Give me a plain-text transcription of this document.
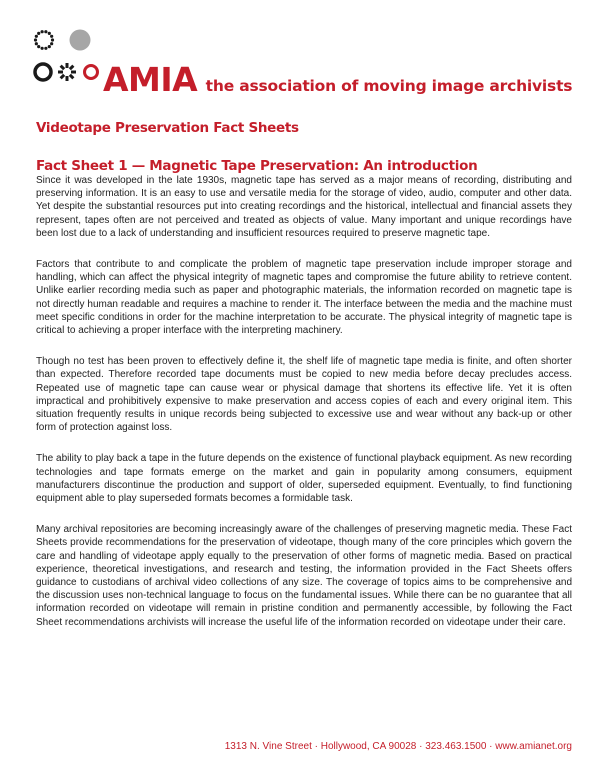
AMIA the association of moving image archivists
Videotape Preservation Fact Sheets
Fact Sheet 1 — Magnetic Tape Preservation: An introduction

Since it was developed in the late 1930s, magnetic tape has served as a major means of recording, distributing and preserving information. It is an easy to use and versatile media for the storage of video, audio, computer and other data. Yet despite the substantial resources put into creating recordings and the historical, intellectual and financial assets they represent, tapes often are not perceived and treated as objects of value. Many important and unique recordings have been lost due to a lack of understanding and insufficient resources required to preserve magnetic tape.

Factors that contribute to and complicate the problem of magnetic tape preservation include improper storage and handling, which can affect the physical integrity of magnetic tapes and compromise the future ability to retrieve content. Unlike earlier recording media such as paper and photographic materials, the information recorded on magnetic tape is not directly human readable and requires a machine to render it. The interface between the media and the machine must meet specific conditions in order for the machine interpretation to be accurate. The physical integrity of magnetic tape is critical to achieving a proper interface with the interpreting machinery.

Though no test has been proven to effectively define it, the shelf life of magnetic tape media is finite, and often shorter than expected. Therefore recorded tape documents must be copied to new media before decay precludes access. Repeated use of magnetic tape can cause wear or physical damage that shortens its effective life. Yet it is often impractical and prohibitively expensive to make preservation and access copies of each and every original item. This situation frequently results in unique records being subjected to excessive use and wear without any back-up or other form of protection against loss.

The ability to play back a tape in the future depends on the existence of functional playback equipment. As new recording technologies and tape formats emerge on the market and gain in popularity among consumers, equipment manufacturers discontinue the production and support of older, superseded equipment. Eventually, to find functioning equipment able to play superseded formats becomes a formidable task.

Many archival repositories are becoming increasingly aware of the challenges of preserving magnetic media. These Fact Sheets provide recommendations for the preservation of videotape, though many of the core principles which govern the care and handling of videotape apply equally to the preservation of other forms of magnetic media. Based on practical experience, theoretical investigations, and research and testing, the information provided in the Fact Sheets offers guidance to custodians of archival video collections of any size. The coverage of topics aims to be comprehensive and the discussion uses non-technical language to focus on the fundamental issues. While there can be no guarantee that all information recorded on videotape will remain in pristine condition and permanently accessible, by following the Fact Sheet recommendations archivists will increase the useful life of the information recorded on videotape under their care.

1313 N. Vine Street · Hollywood, CA 90028 · 323.463.1500 · www.amianet.org
